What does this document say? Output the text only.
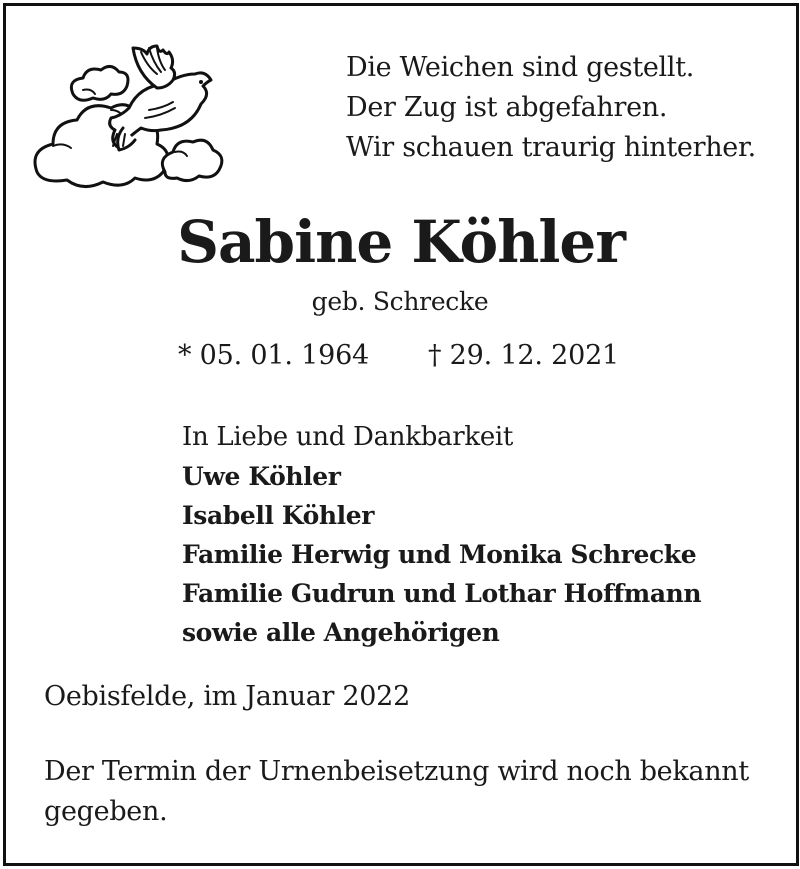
Die Weichen sind gestellt.
Der Zug ist abgefahren.
Wir schauen traurig hinterher.
Sabine Köhler
geb. Schrecke
* 05. 01. 1964 † 29. 12. 2021
In Liebe und Dankbarkeit
Uwe Köhler
Isabell Köhler
Familie Herwig und Monika Schrecke
Familie Gudrun und Lothar Hoffmann
sowie alle Angehörigen
Oebisfelde, im Januar 2022
Der Termin der Urnenbeisetzung wird noch bekannt gegeben.
